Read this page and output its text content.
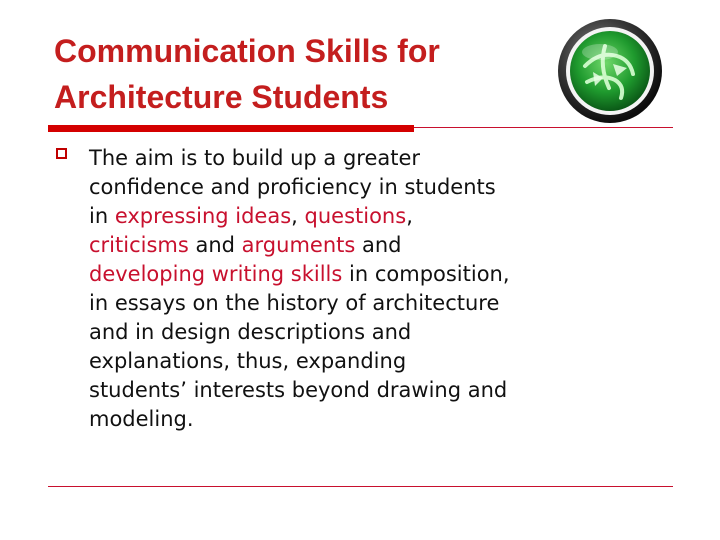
Communication Skills for
Architecture Students
The aim is to build up a greater
confidence and proficiency in students
in expressing ideas, questions,
criticisms and arguments and
developing writing skills in composition,
in essays on the history of architecture
and in design descriptions and
explanations, thus, expanding
students’ interests beyond drawing and
modeling.
